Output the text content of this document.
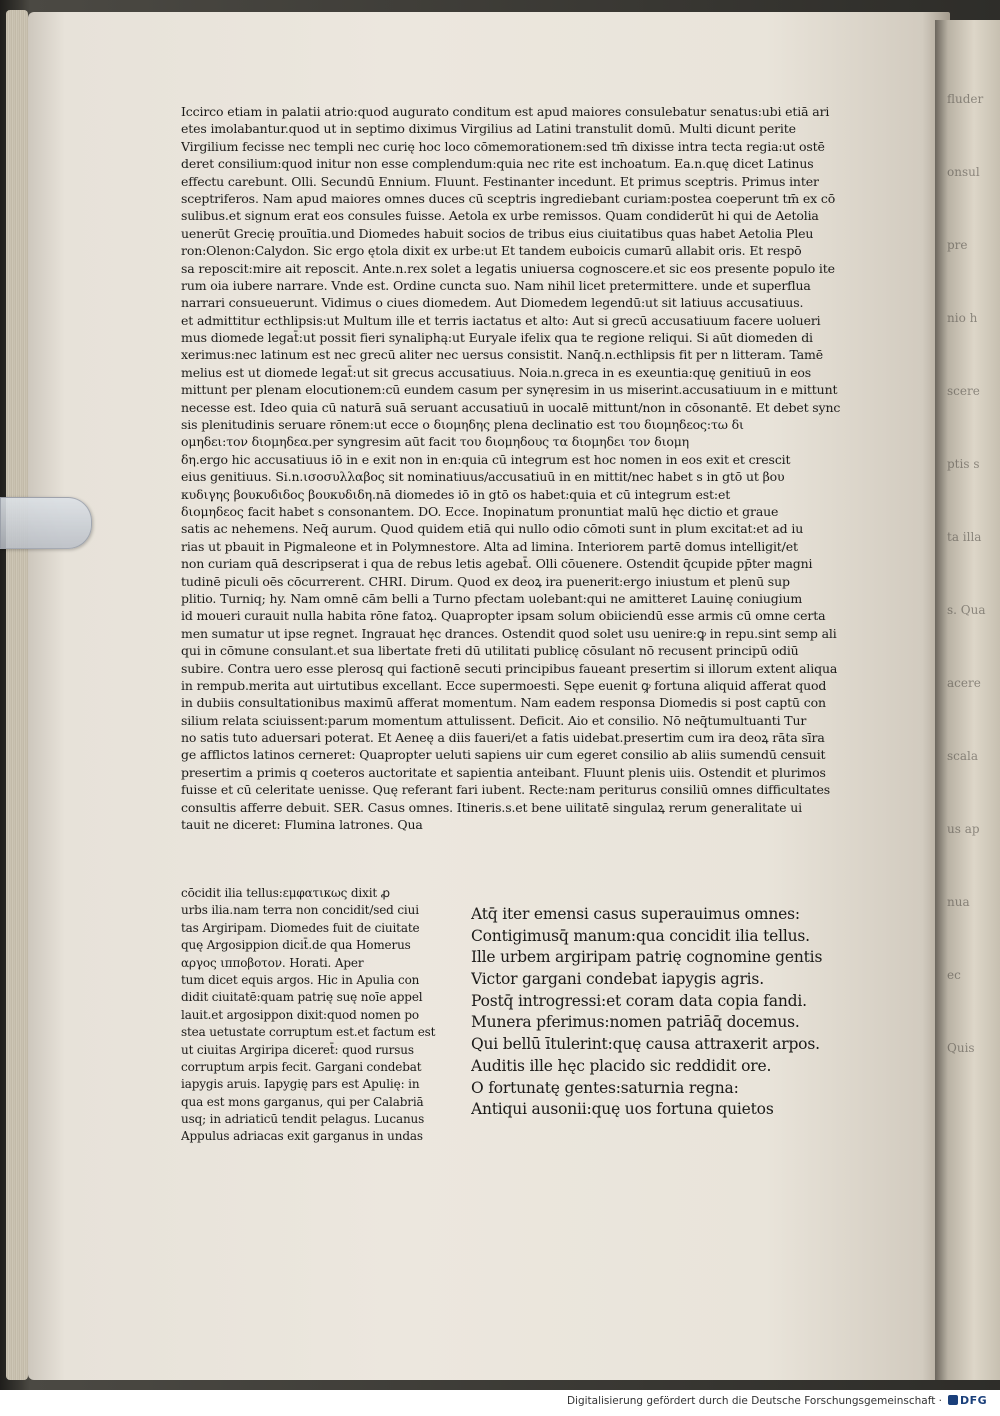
fluder
onsul
pre
nio h
scere
ptis s
ta illa
s. Qua
acere
scala
us ap
nua
ec
Quis
Iccirco etiam in palatii atrio:quod augurato conditum est apud maiores consulebatur senatus:ubi etiā ari
etes imolabantur.quod ut in septimo diximus Virgilius ad Latini transtulit domū. Multi dicunt perite
Virgilium fecisse nec templi nec curię hoc loco cōmemorationem:sed tm̄ dixisse intra tecta regia:ut ostē
deret consilium:quod initur non esse complendum:quia nec rite est inchoatum. Ea.n.quę dicet Latinus
effectu carebunt. Olli. Secundū Ennium. Fluunt. Festinanter incedunt. Et primus sceptris. Primus inter
sceptriferos. Nam apud maiores omnes duces cū sceptris ingrediebant curiam:postea coeperunt tm̄ ex cō
sulibus.et signum erat eos consules fuisse. Aetola ex urbe remissos. Quam condiderūt hi qui de Aetolia
uenerūt Grecię prouītia.und Diomedes habuit socios de tribus eius ciuitatibus quas habet Aetolia Pleu
ron:Olenon:Calydon. Sic ergo ętola dixit ex urbe:ut Et tandem euboicis cumarū allabit oris. Et respō
sa reposcit:mire ait reposcit. Ante.n.rex solet a legatis uniuersa cognoscere.et sic eos presente populo ite
rum oia iubere narrare. Vnde est. Ordine cuncta suo. Nam nihil licet pretermittere. unde et superflua
narrari consueuerunt. Vidimus o ciues diomedem. Aut Diomedem legendū:ut sit latiuus accusatiuus.
et admittitur ecthlipsis:ut Multum ille et terris iactatus et alto: Aut si grecū accusatiuum facere uolueri
mus diomede legat̄:ut possit fieri synaliphą:ut Euryale ifelix qua te regione reliqui. Si aūt diomeden di
xerimus:nec latinum est nec grecū aliter nec uersus consistit. Nanq̄.n.ecthlipsis fit per n litteram. Tamē
melius est ut diomede legat̄:ut sit grecus accusatiuus. Noia.n.greca in es exeuntia:quę genitiuū in eos
mittunt per plenam elocutionem:cū eundem casum per synęresim in us miserint.accusatiuum in e mittunt
necesse est. Ideo quia cū naturā suā seruant accusatiuū in uocalē mittunt/non in cōsonantē. Et debet sync
sis plenitudinis seruare rōnem:ut ecce o διομηδης plena declinatio est του διομηδεος:τω δι
ομηδει:τον διομηδεα.per syngresim aūt facit του διομηδους τα διομηδει τον διομη
δη.ergo hic accusatiuus iō in e exit non in en:quia cū integrum est hoc nomen in eos exit et crescit
eius genitiuus. Si.n.ισοσυλλαβος sit nominatiuus/accusatiuū in en mittit/nec habet s in gtō ut βου
κυδιγης βουκυδιδος βουκυδιδη.nā diomedes iō in gtō os habet:quia et cū integrum est:et
διομηδεος facit habet s consonantem. DO. Ecce. Inopinatum pronuntiat malū hęc dictio et graue
satis ac nehemens. Neq̄ aurum. Quod quidem etiā qui nullo odio cōmoti sunt in plum excitat:et ad iu
rias ut pbauit in Pigmaleone et in Polymnestore. Alta ad limina. Interiorem partē domus intelligit/et
non curiam quā descripserat i qua de rebus letis agebat̄. Olli cōuenere. Ostendit q̄cupide pp̄ter magni
tudinē piculi oēs cōcurrerent. CHRI. Dirum. Quod ex deoꝝ ira puenerit:ergo iniustum et plenū sup
plitio. Turniq; hy. Nam omnē cām belli a Turno pfectam uolebant:qui ne amitteret Lauinę coniugium
id moueri curauit nulla habita rōne fatoꝝ. Quapropter ipsam solum obiiciendū esse armis cū omne certa
men sumatur ut ipse regnet. Ingrauat hęc drances. Ostendit quod solet usu uenire:ꝙ in repu.sint semp ali
qui in cōmune consulant.et sua libertate freti dū utilitati publicę cōsulant nō recusent principū odiū
subire. Contra uero esse plerosq qui factionē secuti principibus faueant presertim si illorum extent aliqua
in rempub.merita aut uirtutibus excellant. Ecce supermoesti. Sępe euenit ꝙ fortuna aliquid afferat quod
in dubiis consultationibus maximū afferat momentum. Nam eadem responsa Diomedis si post captū con
silium relata sciuissent:parum momentum attulissent. Deficit. Aio et consilio. Nō neq̄tumultuanti Tur
no satis tuto aduersari poterat. Et Aeneę a diis faueri/et a fatis uidebat.presertim cum ira deoꝝ rāta sīra
ge afflictos latinos cerneret: Quapropter ueluti sapiens uir cum egeret consilio ab aliis sumendū censuit
presertim a primis q coeteros auctoritate et sapientia anteibant. Fluunt plenis uiis. Ostendit et plurimos
fuisse et cū celeritate uenisse. Quę referant fari iubent. Recte:nam periturus consiliū omnes difficultates
consultis afferre debuit. SER. Casus omnes. Itineris.s.et bene uilitatē singulaꝝ rerum generalitate ui
tauit ne diceret: Flumina latrones. Qua
cōcidit ilia tellus:εμφατικως dixit ꝓ
urbs ilia.nam terra non concidit/sed ciui
tas Argiripam. Diomedes fuit de ciuitate
quę Argosippion dicit̄.de qua Homerus
αργος ιπποβοτον. Horati. Aper
tum dicet equis argos. Hic in Apulia con
didit ciuitatē:quam patrię suę noīe appel
lauit.et argosippon dixit:quod nomen po
stea uetustate corruptum est.et factum est
ut ciuitas Argiripa diceret̄: quod rursus
corruptum arpis fecit. Gargani condebat
iapygis aruis. Iapygię pars est Apulię: in
qua est mons garganus, qui per Calabriā
usq; in adriaticū tendit pelagus. Lucanus
Appulus adriacas exit garganus in undas
Atq̄ iter emensi casus superauimus omnes:
Contigimusq̄ manum:qua concidit ilia tellus.
Ille urbem argiripam patrię cognomine gentis
Victor gargani condebat iapygis agris.
Postq̄ introgressi:et coram data copia fandi.
Munera pferimus:nomen patriāq̄ docemus.
Qui bellū ītulerint:quę causa attraxerit arpos.
Auditis ille hęc placido sic reddidit ore.
O fortunatę gentes:saturnia regna:
Antiqui ausonii:quę uos fortuna quietos
Digitalisierung gefördert durch die Deutsche Forschungsgemeinschaft ·	DFG
